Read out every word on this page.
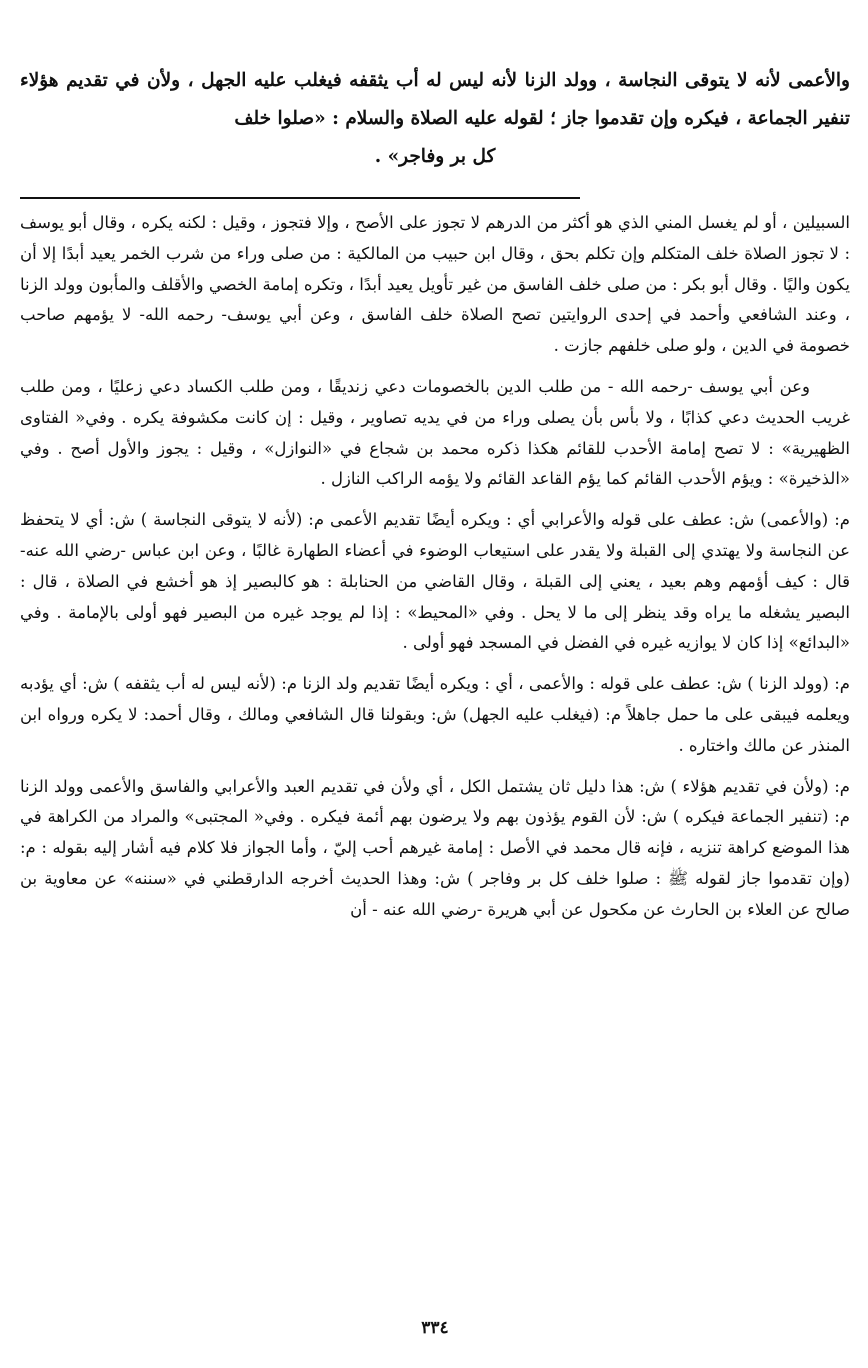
والأعمى لأنه لا يتوقى النجاسة ، وولد الزنا لأنه ليس له أب يثقفه فيغلب عليه الجهل ، ولأن في تقديم هؤلاء تنفير الجماعة ، فيكره وإن تقدموا جاز ؛ لقوله عليه الصلاة والسلام : «صلوا خلف

كل بر وفاجر» .

السبيلين ، أو لم يغسل المني الذي هو أكثر من الدرهم لا تجوز على الأصح ، وإلا فتجوز ، وقيل : لكنه يكره ، وقال أبو يوسف : لا تجوز الصلاة خلف المتكلم وإن تكلم بحق ، وقال ابن حبيب من المالكية : من صلى وراء من شرب الخمر يعيد أبدًا إلا أن يكون واليًا . وقال أبو بكر : من صلى خلف الفاسق من غير تأويل يعيد أبدًا ، وتكره إمامة الخصي والأقلف والمأبون وولد الزنا ، وعند الشافعي وأحمد في إحدى الروايتين تصح الصلاة خلف الفاسق ، وعن أبي يوسف- رحمه الله- لا يؤمهم صاحب خصومة في الدين ، ولو صلى خلفهم جازت .

وعن أبي يوسف -رحمه الله - من طلب الدين بالخصومات دعي زنديقًا ، ومن طلب الكساد دعي زعليًا ، ومن طلب غريب الحديث دعي كذابًا ، ولا بأس بأن يصلى وراء من في يديه تصاوير ، وقيل : إن كانت مكشوفة يكره . وفي« الفتاوى الظهيرية» : لا تصح إمامة الأحدب للقائم هكذا ذكره محمد بن شجاع في «النوازل» ، وقيل : يجوز والأول أصح . وفي «الذخيرة» : ويؤم الأحدب القائم كما يؤم القاعد القائم ولا يؤمه الراكب النازل .

م: (والأعمى) ش: عطف على قوله والأعرابي أي : ويكره أيضًا تقديم الأعمى م: (لأنه لا يتوقى النجاسة ) ش: أي لا يتحفظ عن النجاسة ولا يهتدي إلى القبلة ولا يقدر على استيعاب الوضوء في أعضاء الطهارة غالبًا ، وعن ابن عباس -رضي الله عنه- قال : كيف أؤمهم وهم بعيد ، يعني إلى القبلة ، وقال القاضي من الحنابلة : هو كالبصير إذ هو أخشع في الصلاة ، قال : البصير يشغله ما يراه وقد ينظر إلى ما لا يحل . وفي «المحيط» : إذا لم يوجد غيره من البصير فهو أولى بالإمامة . وفي «البدائع» إذا كان لا يوازيه غيره في الفضل في المسجد فهو أولى .

م: (وولد الزنا ) ش: عطف على قوله : والأعمى ، أي : ويكره أيضًا تقديم ولد الزنا م: (لأنه ليس له أب يثقفه ) ش: أي يؤدبه ويعلمه فيبقى على ما حمل جاهلاً م: (فيغلب عليه الجهل) ش: وبقولنا قال الشافعي ومالك ، وقال أحمد: لا يكره ورواه ابن المنذر عن مالك واختاره .

م: (ولأن في تقديم هؤلاء ) ش: هذا دليل ثان يشتمل الكل ، أي ولأن في تقديم العبد والأعرابي والفاسق والأعمى وولد الزنا م: (تنفير الجماعة فيكره ) ش: لأن القوم يؤذون بهم ولا يرضون بهم أئمة فيكره . وفي« المجتبى» والمراد من الكراهة في هذا الموضع كراهة تنزيه ، فإنه قال محمد في الأصل : إمامة غيرهم أحب إليّ ، وأما الجواز فلا كلام فيه أشار إليه بقوله : م: (وإن تقدموا جاز لقوله ﷺ : صلوا خلف كل بر وفاجر ) ش: وهذا الحديث أخرجه الدارقطني في «سننه» عن معاوية بن صالح عن العلاء بن الحارث عن مكحول عن أبي هريرة -رضي الله عنه - أن

٣٣٤
